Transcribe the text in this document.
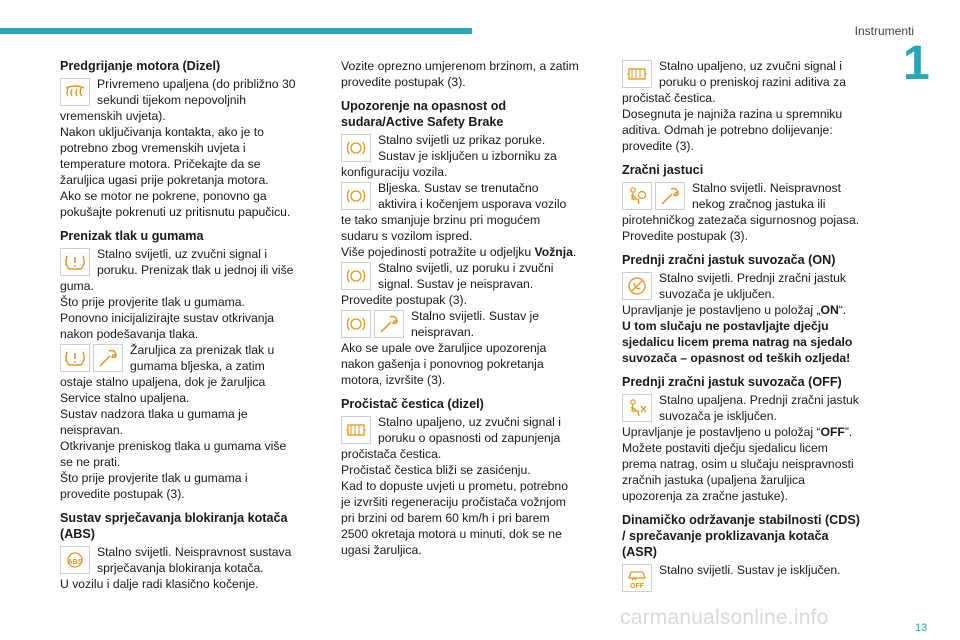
Instrumenti
1
Predgrijanje motora (Dizel)

Privremeno upaljena (do približno 30 sekundi tijekom nepovoljnih vremenskih uvjeta).

Nakon uključivanja kontakta, ako je to potrebno zbog vremenskih uvjeta i temperature motora. Pričekajte da se žaruljica ugasi prije pokretanja motora.

Ako se motor ne pokrene, ponovno ga pokušajte pokrenuti uz pritisnutu papučicu.

Prenizak tlak u gumama

Stalno svijetli, uz zvučni signal i poruku. Prenizak tlak u jednoj ili više guma.

Što prije provjerite tlak u gumama.

Ponovno inicijalizirajte sustav otkrivanja nakon podešavanja tlaka.

Žaruljica za prenizak tlak u gumama bljeska, a zatim ostaje stalno upaljena, dok je žaruljica Service stalno upaljena.

Sustav nadzora tlaka u gumama je neispravan.

Otkrivanje preniskog tlaka u gumama više se ne prati.

Što prije provjerite tlak u gumama i provedite postupak (3).

Sustav sprječavanja blokiranja kotača (ABS)
ABS

Stalno svijetli. Neispravnost sustava sprječavanja blokiranja kotača.

U vozilu i dalje radi klasično kočenje.

Vozite oprezno umjerenom brzinom, a zatim provedite postupak (3).

Upozorenje na opasnost od sudara/Active Safety Brake

Stalno svijetli uz prikaz poruke. Sustav je isključen u izborniku za konfiguraciju vozila.

Bljeska. Sustav se trenutačno aktivira i kočenjem usporava vozilo te tako smanjuje brzinu pri mogućem sudaru s vozilom ispred.

Više pojedinosti potražite u odjeljku Vožnja.

Stalno svijetli, uz poruku i zvučni signal. Sustav je neispravan.

Provedite postupak (3).

Stalno svijetli. Sustav je neispravan.

Ako se upale ove žaruljice upozorenja nakon gašenja i ponovnog pokretanja motora, izvršite (3).

Pročistač čestica (dizel)

Stalno upaljeno, uz zvučni signal i poruku o opasnosti od zapunjenja pročistača čestica.

Pročistač čestica bliži se zasićenju.

Kad to dopuste uvjeti u prometu, potrebno je izvršiti regeneraciju pročistača vožnjom pri brzini od barem 60 km/h i pri barem 2500 okretaja motora u minuti, dok se ne ugasi žaruljica.

Stalno upaljeno, uz zvučni signal i poruku o preniskoj razini aditiva za pročistač čestica.

Dosegnuta je najniža razina u spremniku aditiva. Odmah je potrebno dolijevanje: provedite (3).

Zračni jastuci

Stalno svijetli. Neispravnost nekog zračnog jastuka ili pirotehničkog zatezača sigurnosnog pojasa.

Provedite postupak (3).

Prednji zračni jastuk suvozača (ON)

Stalno svijetli. Prednji zračni jastuk suvozača je uključen.

Upravljanje je postavljeno u položaj „ON“.

U tom slučaju ne postavljajte dječju sjedalicu licem prema natrag na sjedalo suvozača – opasnost od teških ozljeda!

Prednji zračni jastuk suvozača (OFF)

Stalno upaljena. Prednji zračni jastuk suvozača je isključen.

Upravljanje je postavljeno u položaj “OFF”.

Možete postaviti dječju sjedalicu licem prema natrag, osim u slučaju neispravnosti zračnih jastuka (upaljena žaruljica upozorenja za zračne jastuke).

Dinamičko održavanje stabilnosti (CDS) / sprečavanje proklizavanja kotača (ASR)
OFF

Stalno svijetli. Sustav je isključen.

carmanualsonline.info	13
